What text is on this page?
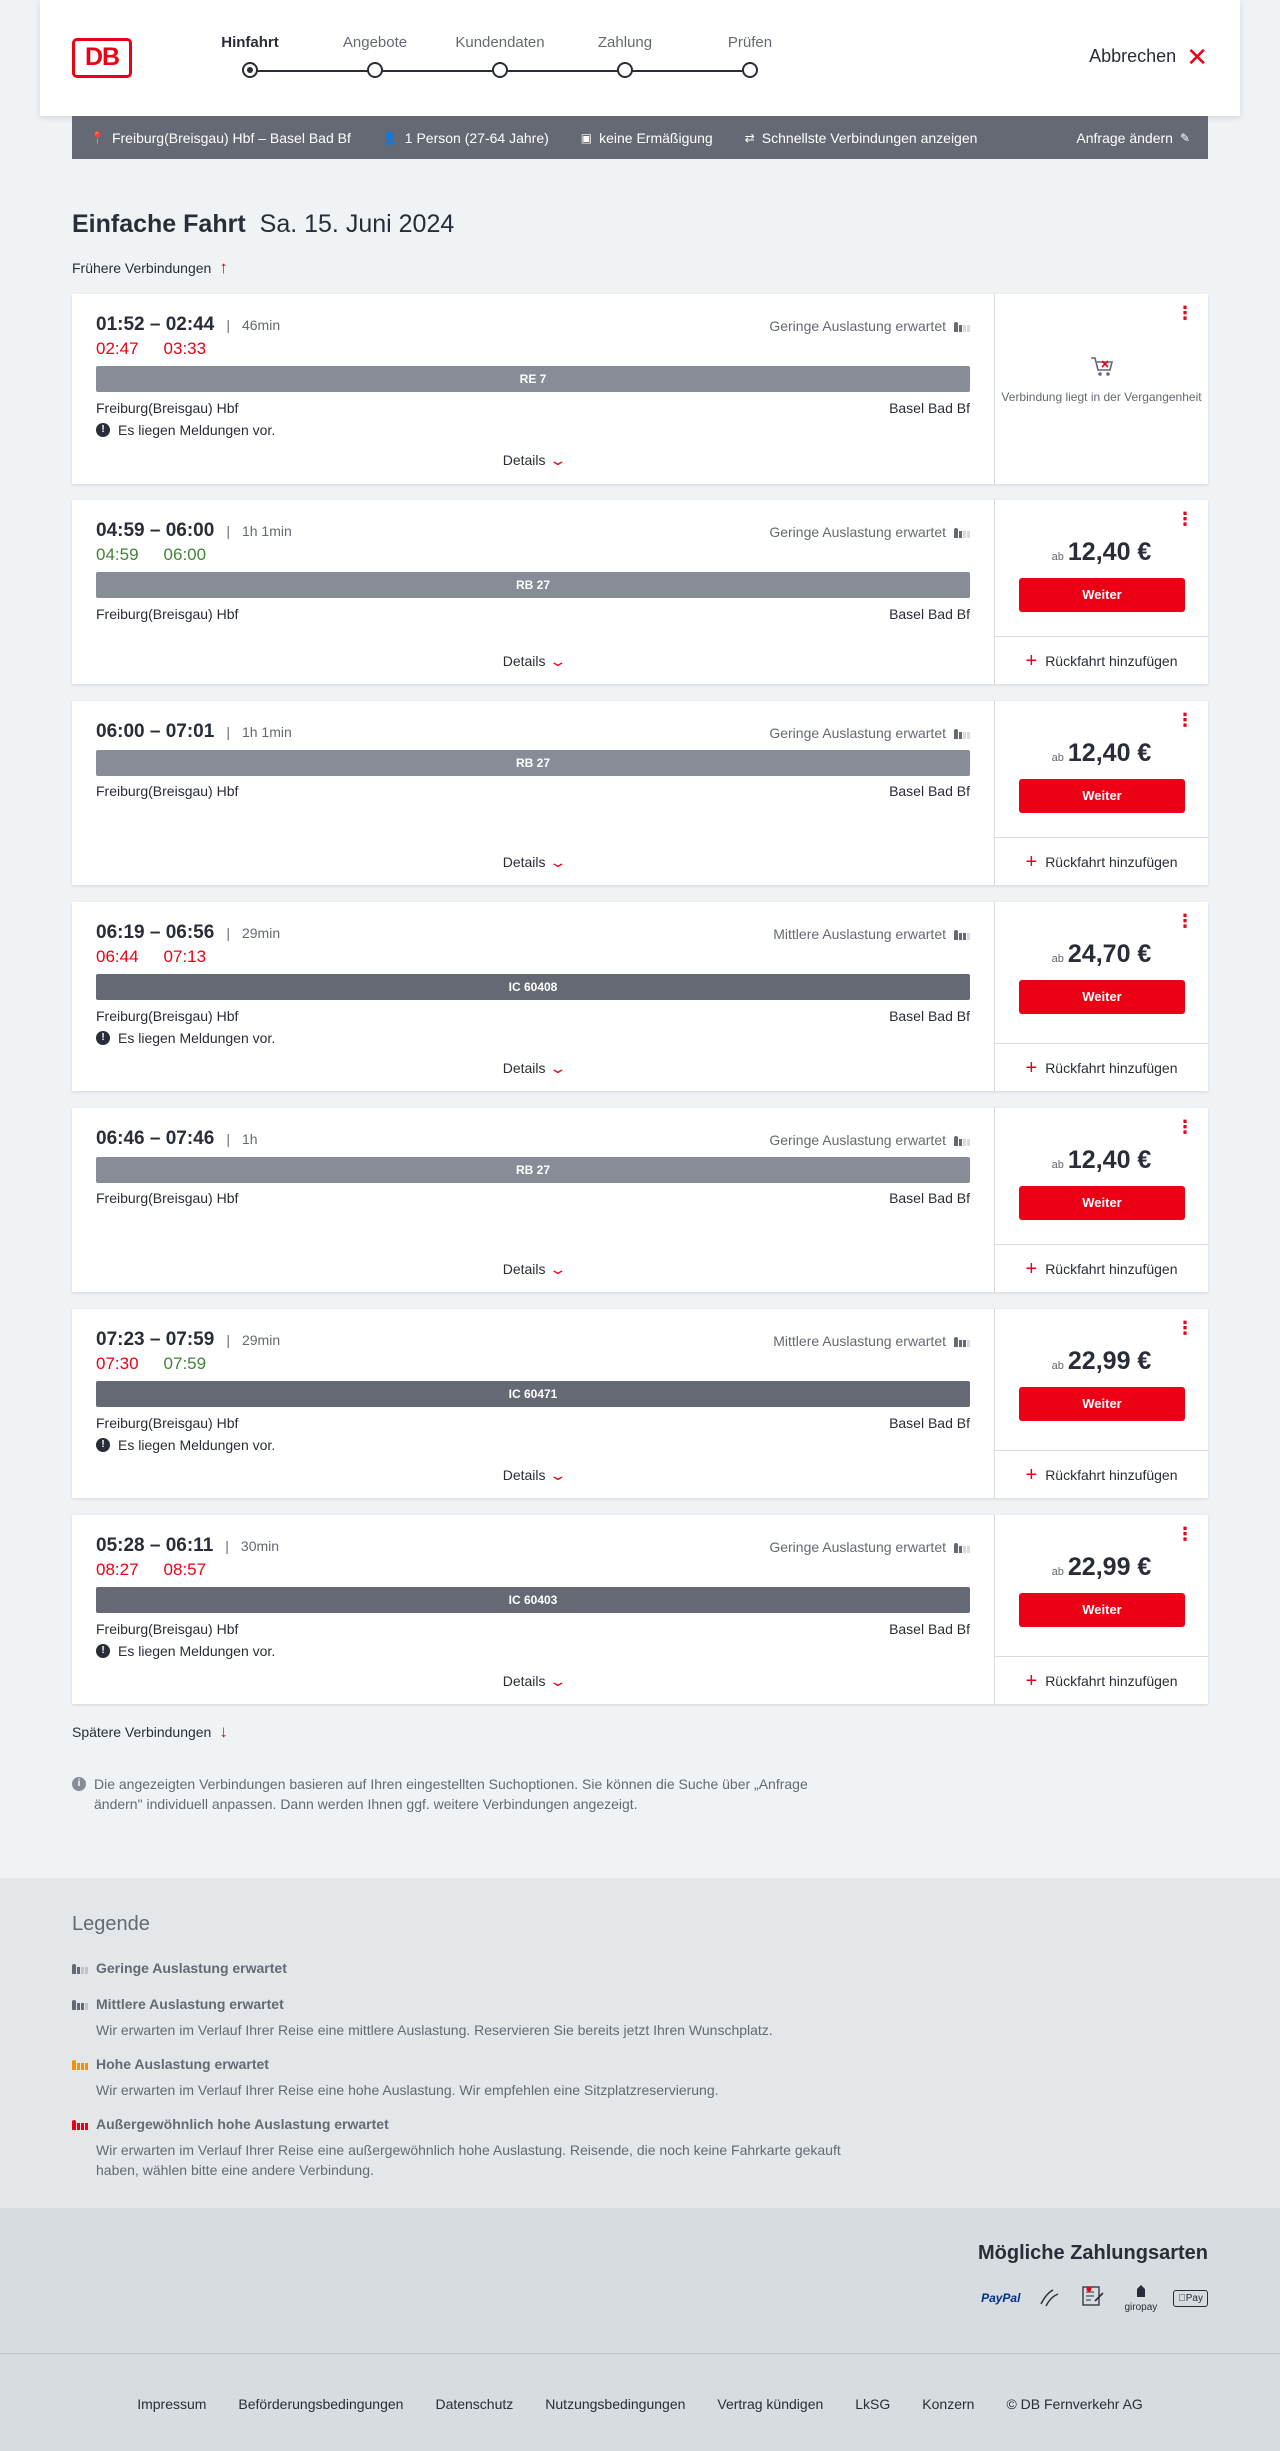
DB
Hinfahrt	Angebote	Kundendaten	Zahlung	Prüfen
Abbrechen ✕
📍 Freiburg(Breisgau) Hbf – Basel Bad Bf	👤 1 Person (27-64 Jahre)	▣ keine Ermäßigung	⇄ Schnellste Verbindungen anzeigen	Anfrage ändern ✎
Einfache Fahrt Sa. 15. Juni 2024
Frühere Verbindungen ↑
01:52 – 02:44 | 46min
02:47 03:33
Geringe Auslastung erwartet
RE 7
Freiburg(Breisgau) Hbf	Basel Bad Bf
! Es liegen Meldungen vor.
Details ⌄
⋮
Verbindung liegt in der Vergangenheit
04:59 – 06:00 | 1h 1min
04:59 06:00
Geringe Auslastung erwartet
RB 27
Freiburg(Breisgau) Hbf	Basel Bad Bf
Details ⌄
⋮
ab 12,40 €
Weiter
+ Rückfahrt hinzufügen
06:00 – 07:01 | 1h 1min	Geringe Auslastung erwartet
RB 27
Freiburg(Breisgau) Hbf	Basel Bad Bf
Details ⌄
⋮
ab 12,40 €
Weiter
+ Rückfahrt hinzufügen
06:19 – 06:56 | 29min
06:44 07:13
Mittlere Auslastung erwartet
IC 60408
Freiburg(Breisgau) Hbf	Basel Bad Bf
! Es liegen Meldungen vor.
Details ⌄
⋮
ab 24,70 €
Weiter
+ Rückfahrt hinzufügen
06:46 – 07:46 | 1h	Geringe Auslastung erwartet
RB 27
Freiburg(Breisgau) Hbf	Basel Bad Bf
Details ⌄
⋮
ab 12,40 €
Weiter
+ Rückfahrt hinzufügen
07:23 – 07:59 | 29min
07:30 07:59
Mittlere Auslastung erwartet
IC 60471
Freiburg(Breisgau) Hbf	Basel Bad Bf
! Es liegen Meldungen vor.
Details ⌄
⋮
ab 22,99 €
Weiter
+ Rückfahrt hinzufügen
05:28 – 06:11 | 30min
08:27 08:57
Geringe Auslastung erwartet
IC 60403
Freiburg(Breisgau) Hbf	Basel Bad Bf
! Es liegen Meldungen vor.
Details ⌄
⋮
ab 22,99 €
Weiter
+ Rückfahrt hinzufügen
Spätere Verbindungen ↓
i Die angezeigten Verbindungen basieren auf Ihren eingestellten Suchoptionen. Sie können die Suche über „Anfrage ändern" individuell anpassen. Dann werden Ihnen ggf. weitere Verbindungen angezeigt.
Legende
Geringe Auslastung erwartet
Mittlere Auslastung erwartet
Wir erwarten im Verlauf Ihrer Reise eine mittlere Auslastung. Reservieren Sie bereits jetzt Ihren Wunschplatz.
Hohe Auslastung erwartet
Wir erwarten im Verlauf Ihrer Reise eine hohe Auslastung. Wir empfehlen eine Sitzplatzreservierung.
Außergewöhnlich hohe Auslastung erwartet
Wir erwarten im Verlauf Ihrer Reise eine außergewöhnlich hohe Auslastung. Reisende, die noch keine Fahrkarte gekauft haben, wählen bitte eine andere Verbindung.
Mögliche Zahlungsarten
PayPal

giropay
Pay
Impressum Beförderungsbedingungen Datenschutz Nutzungsbedingungen Vertrag kündigen LkSG Konzern © DB Fernverkehr AG
